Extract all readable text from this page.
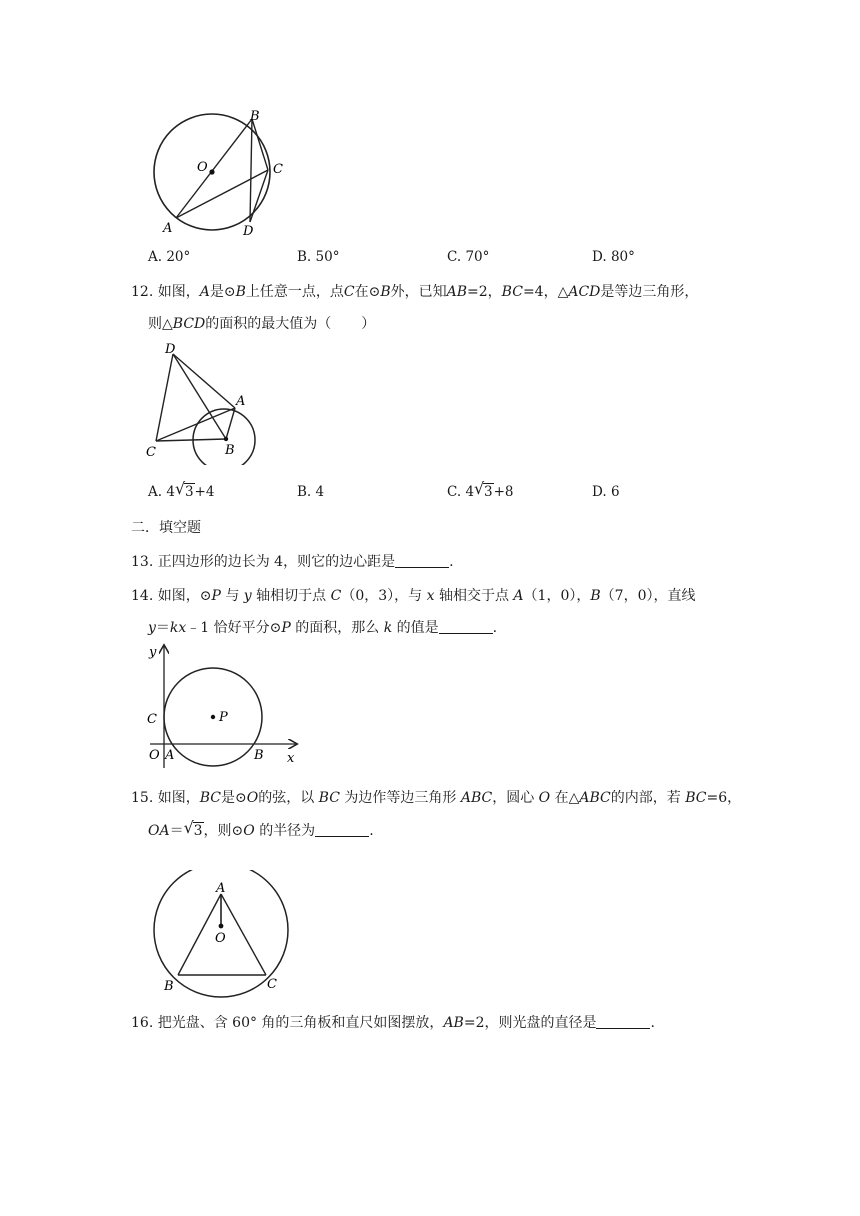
B
O	C
A	D
A. 20°	B. 50°	C. 70°	D. 80°
12. 如图，A是⊙B上任意一点，点C在⊙B外，已知AB=2，BC=4，△ACD是等边三角形，
则△BCD的面积的最大值为（ ）
D
A
C	B
A. 4 √ 3+4	B. 4	C. 4 √ 3+8	D. 6
二．填空题
13. 正四边形的边长为 4，则它的边心距是	.
14. 如图，⊙P 与 y 轴相切于点 C（0，3），与 x 轴相交于点 A（1，0），B（7，0），直线
y＝kx﹣1 恰好平分⊙P 的面积，那么 k 的值是	.
y
C	P
O A	B x
15. 如图，BC是⊙O的弦，以 BC 为边作等边三角形 ABC，圆心 O 在△ABC的内部，若 BC=6，
OA＝ √ 3，则⊙O 的半径为	.
A
O
B	C
16. 把光盘、含 60° 角的三角板和直尺如图摆放，AB=2，则光盘的直径是	.
